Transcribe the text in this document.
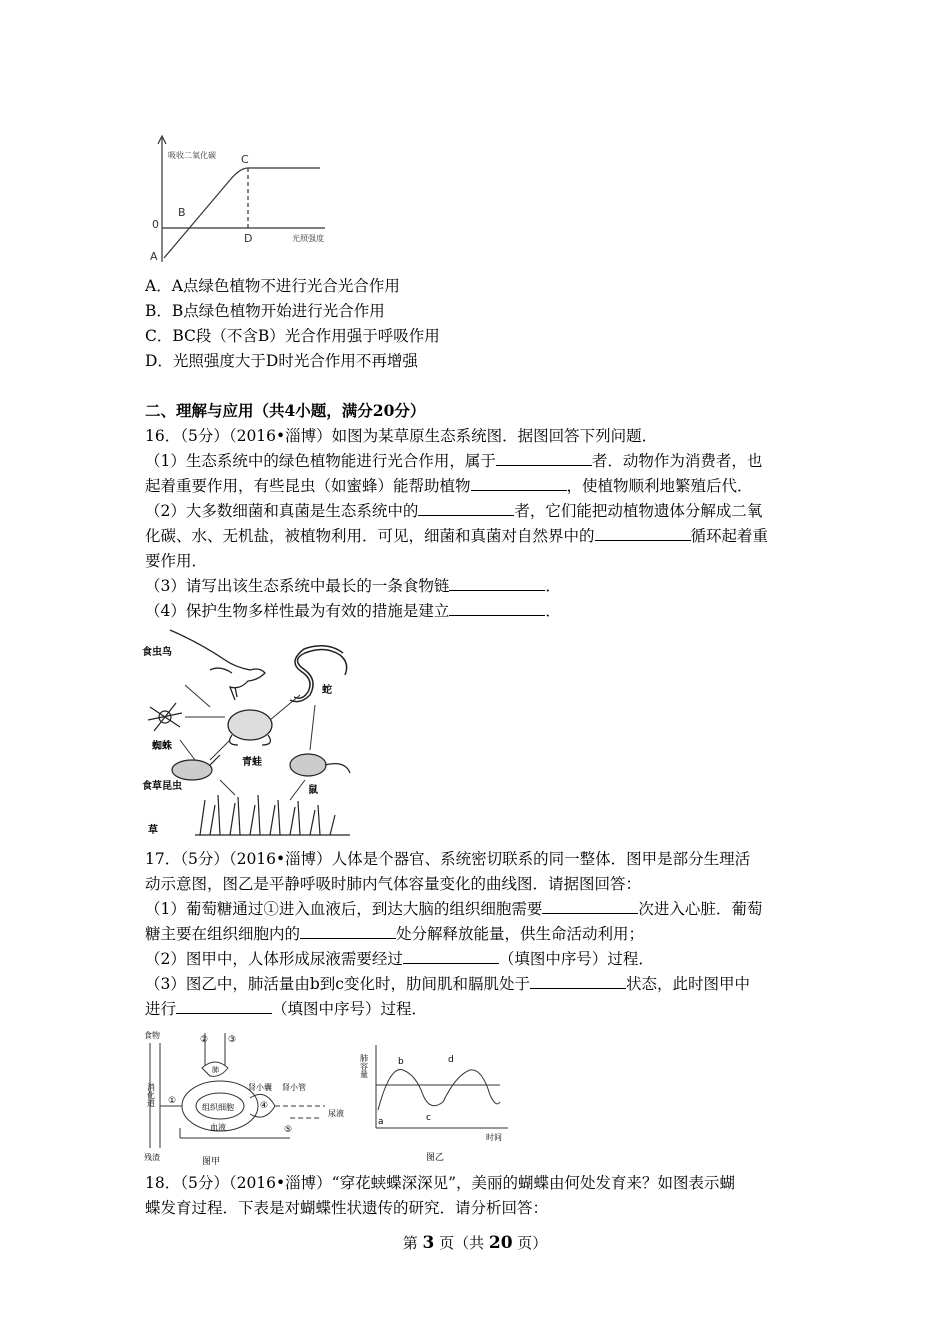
吸收二氧化碳
光照强度
C
0
B
D
A
A．A点绿色植物不进行光合光合作用
B．B点绿色植物开始进行光合作用
C．BC段（不含B）光合作用强于呼吸作用
D．光照强度大于D时光合作用不再增强
二、理解与应用（共4小题，满分20分）
16．（5分）（2016•淄博）如图为某草原生态系统图．据图回答下列问题．
（1）生态系统中的绿色植物能进行光合作用，属于	者．动物作为消费者，也
起着重要作用，有些昆虫（如蜜蜂）能帮助植物	，使植物顺利地繁殖后代．
（2）大多数细菌和真菌是生态系统中的	者，它们能把动植物遗体分解成二氧
化碳、水、无机盐，被植物利用．可见，细菌和真菌对自然界中的	循环起着重
要作用．
（3）请写出该生态系统中最长的一条食物链	．
（4）保护生物多样性最为有效的措施是建立	．
食虫鸟
蛇
蜘蛛
青蛙
食草昆虫	鼠
草
17．（5分）（2016•淄博）人体是个器官、系统密切联系的同一整体．图甲是部分生理活
动示意图，图乙是平静呼吸时肺内气体容量变化的曲线图．请据图回答：
（1）葡萄糖通过①进入血液后，到达大脑的组织细胞需要	次进入心脏．葡萄
糖主要在组织细胞内的	处分解释放能量，供生命活动利用；
（2）图甲中，人体形成尿液需要经过	（填图中序号）过程．
（3）图乙中，肺活量由b到c变化时，肋间肌和膈肌处于	状态，此时图甲中
进行	（填图中序号）过程．
食物	② ③
肺
消化道 ①
肾小囊 肾小管
④
组织细胞
血液	⑤
尿液
残渣	图甲
肺容量
a
b
c
d
时间
图乙
18．（5分）（2016•淄博）“穿花蛱蝶深深见”，美丽的蝴蝶由何处发育来？如图表示蝴
蝶发育过程．下表是对蝴蝶性状遗传的研究．请分析回答：
第 3 页（共 20 页）
